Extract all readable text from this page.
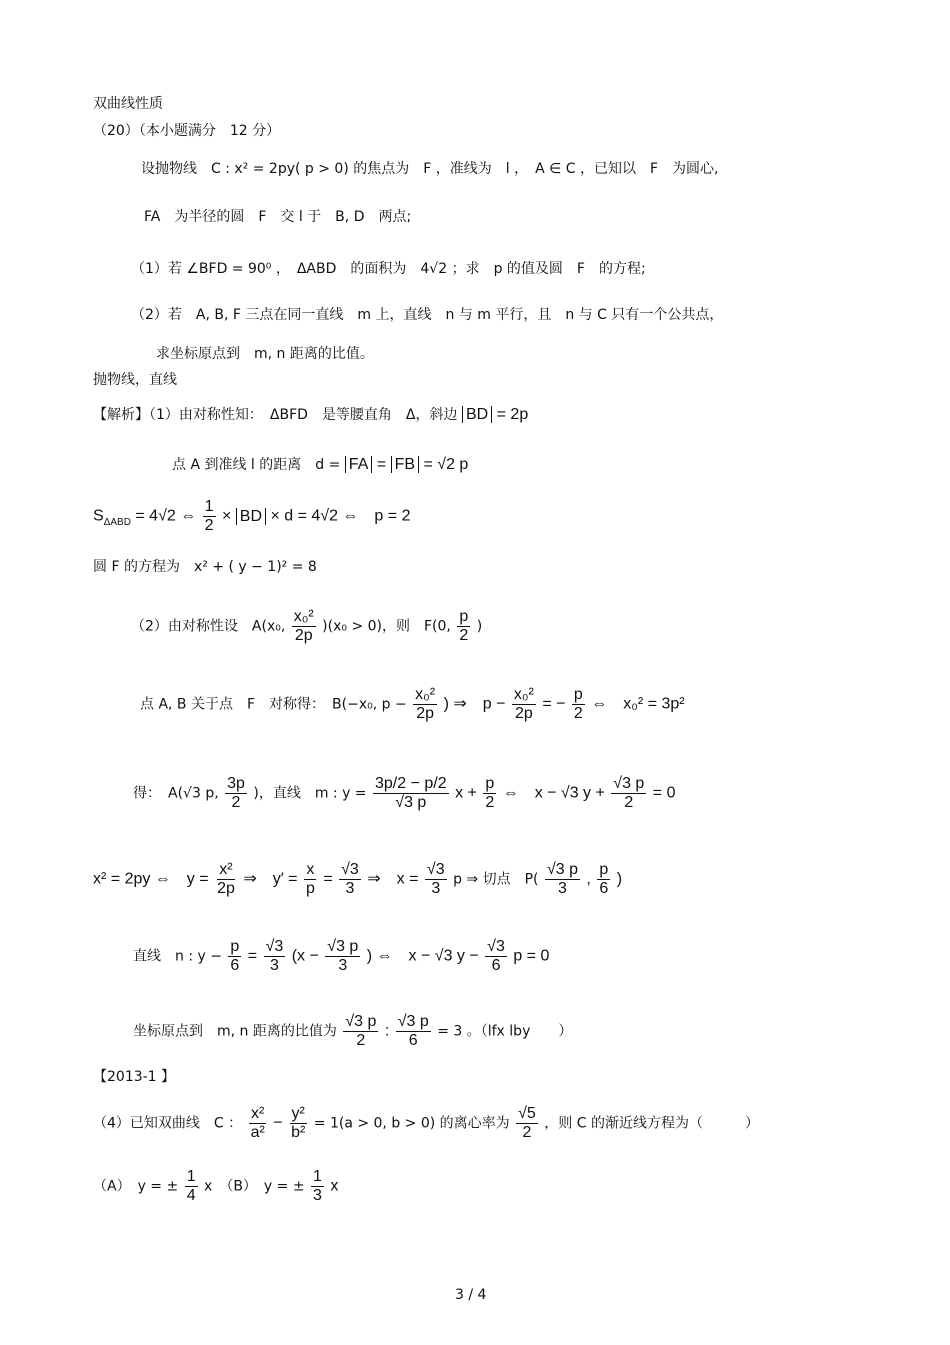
双曲线性质
（20）（本小题满分　12 分）
设抛物线　C : x² = 2py( p > 0) 的焦点为　F ，准线为　l ，　A ∈ C ，已知以　F　为圆心,
FA　为半径的圆　F　交 l 于　B, D　两点;
（1）若 ∠BFD = 90⁰ ，　ΔABD　的面积为　4√2 ；求　p 的值及圆　F　的方程;
（2）若　A, B, F 三点在同一直线　m 上，直线　n 与 m 平行，且　n 与 C 只有一个公共点，
求坐标原点到　m, n 距离的比值。
抛物线，直线
【解析】（1）由对称性知：　ΔBFD　是等腰直角　Δ，斜边 BD = 2p
点 A 到准线 l 的距离　d = FA = FB = √2 p
$S_{\Delta ABD} = 4√2$ ⇔ $\frac{1}{2}$ × BD × d = 4√2 ⇔　p = 2
圆 F 的方程为　x² + ( y − 1)² = 8
（2）由对称性设　A(x₀, $\frac{\text{x₀²}}{2p} )(x_0 > 0)$，则　F(0, $\frac{p}{2}$ )
点 A, B 关于点　F　对称得：　B(−x₀, $p - \frac{\text{x₀²}}{2p}$ ) ⇒　$p - \frac{\text{x₀²}}{2p}$ = − $\frac{p}{2}$ ⇔　x₀² = 3p²
得：　A(√3 p, $\frac{3p}{2}$ )，直线　m : $y = \frac{3p/2 - p/2}{√3 p}$ $x + \frac{p}{2}$ ⇔　x − √3 $y + \frac{√3 p}{2} = 0$
x² = 2py ⇔　$y = \frac{\text{x²}}{2p}$ ⇒　$y' = \frac{x}{p} = \frac{√3}{3}$ ⇒　$x = \frac{√3}{3}$ p ⇒ 切点　$P( \frac{√3 p}{3}$ , $\frac{p}{6}$ )
直线　n : $y - \frac{p}{6} = \frac{√3}{3} (x - \frac{√3 p}{3}$ ) ⇔　x − √3 $y - \frac{√3}{6}$ p = 0
坐标原点到　m, n 距离的比值为 $\frac{√3 p}{2}$ : $\frac{√3 p}{6} = 3$ 。（lfx lby　　）
【2013-1 】
（4）已知双曲线　C ： $\frac{\text{x²}}{\text{a²}} - \frac{\text{y²}}{\text{b²}} = 1(a > 0$, b > 0) 的离心率为 $\frac{√5}{2}$ ，则 C 的渐近线方程为（　　　）
（A）　y = ± $\frac{1}{4}$ x　（B）　y = ± $\frac{1}{3}$ x
3 / 4
